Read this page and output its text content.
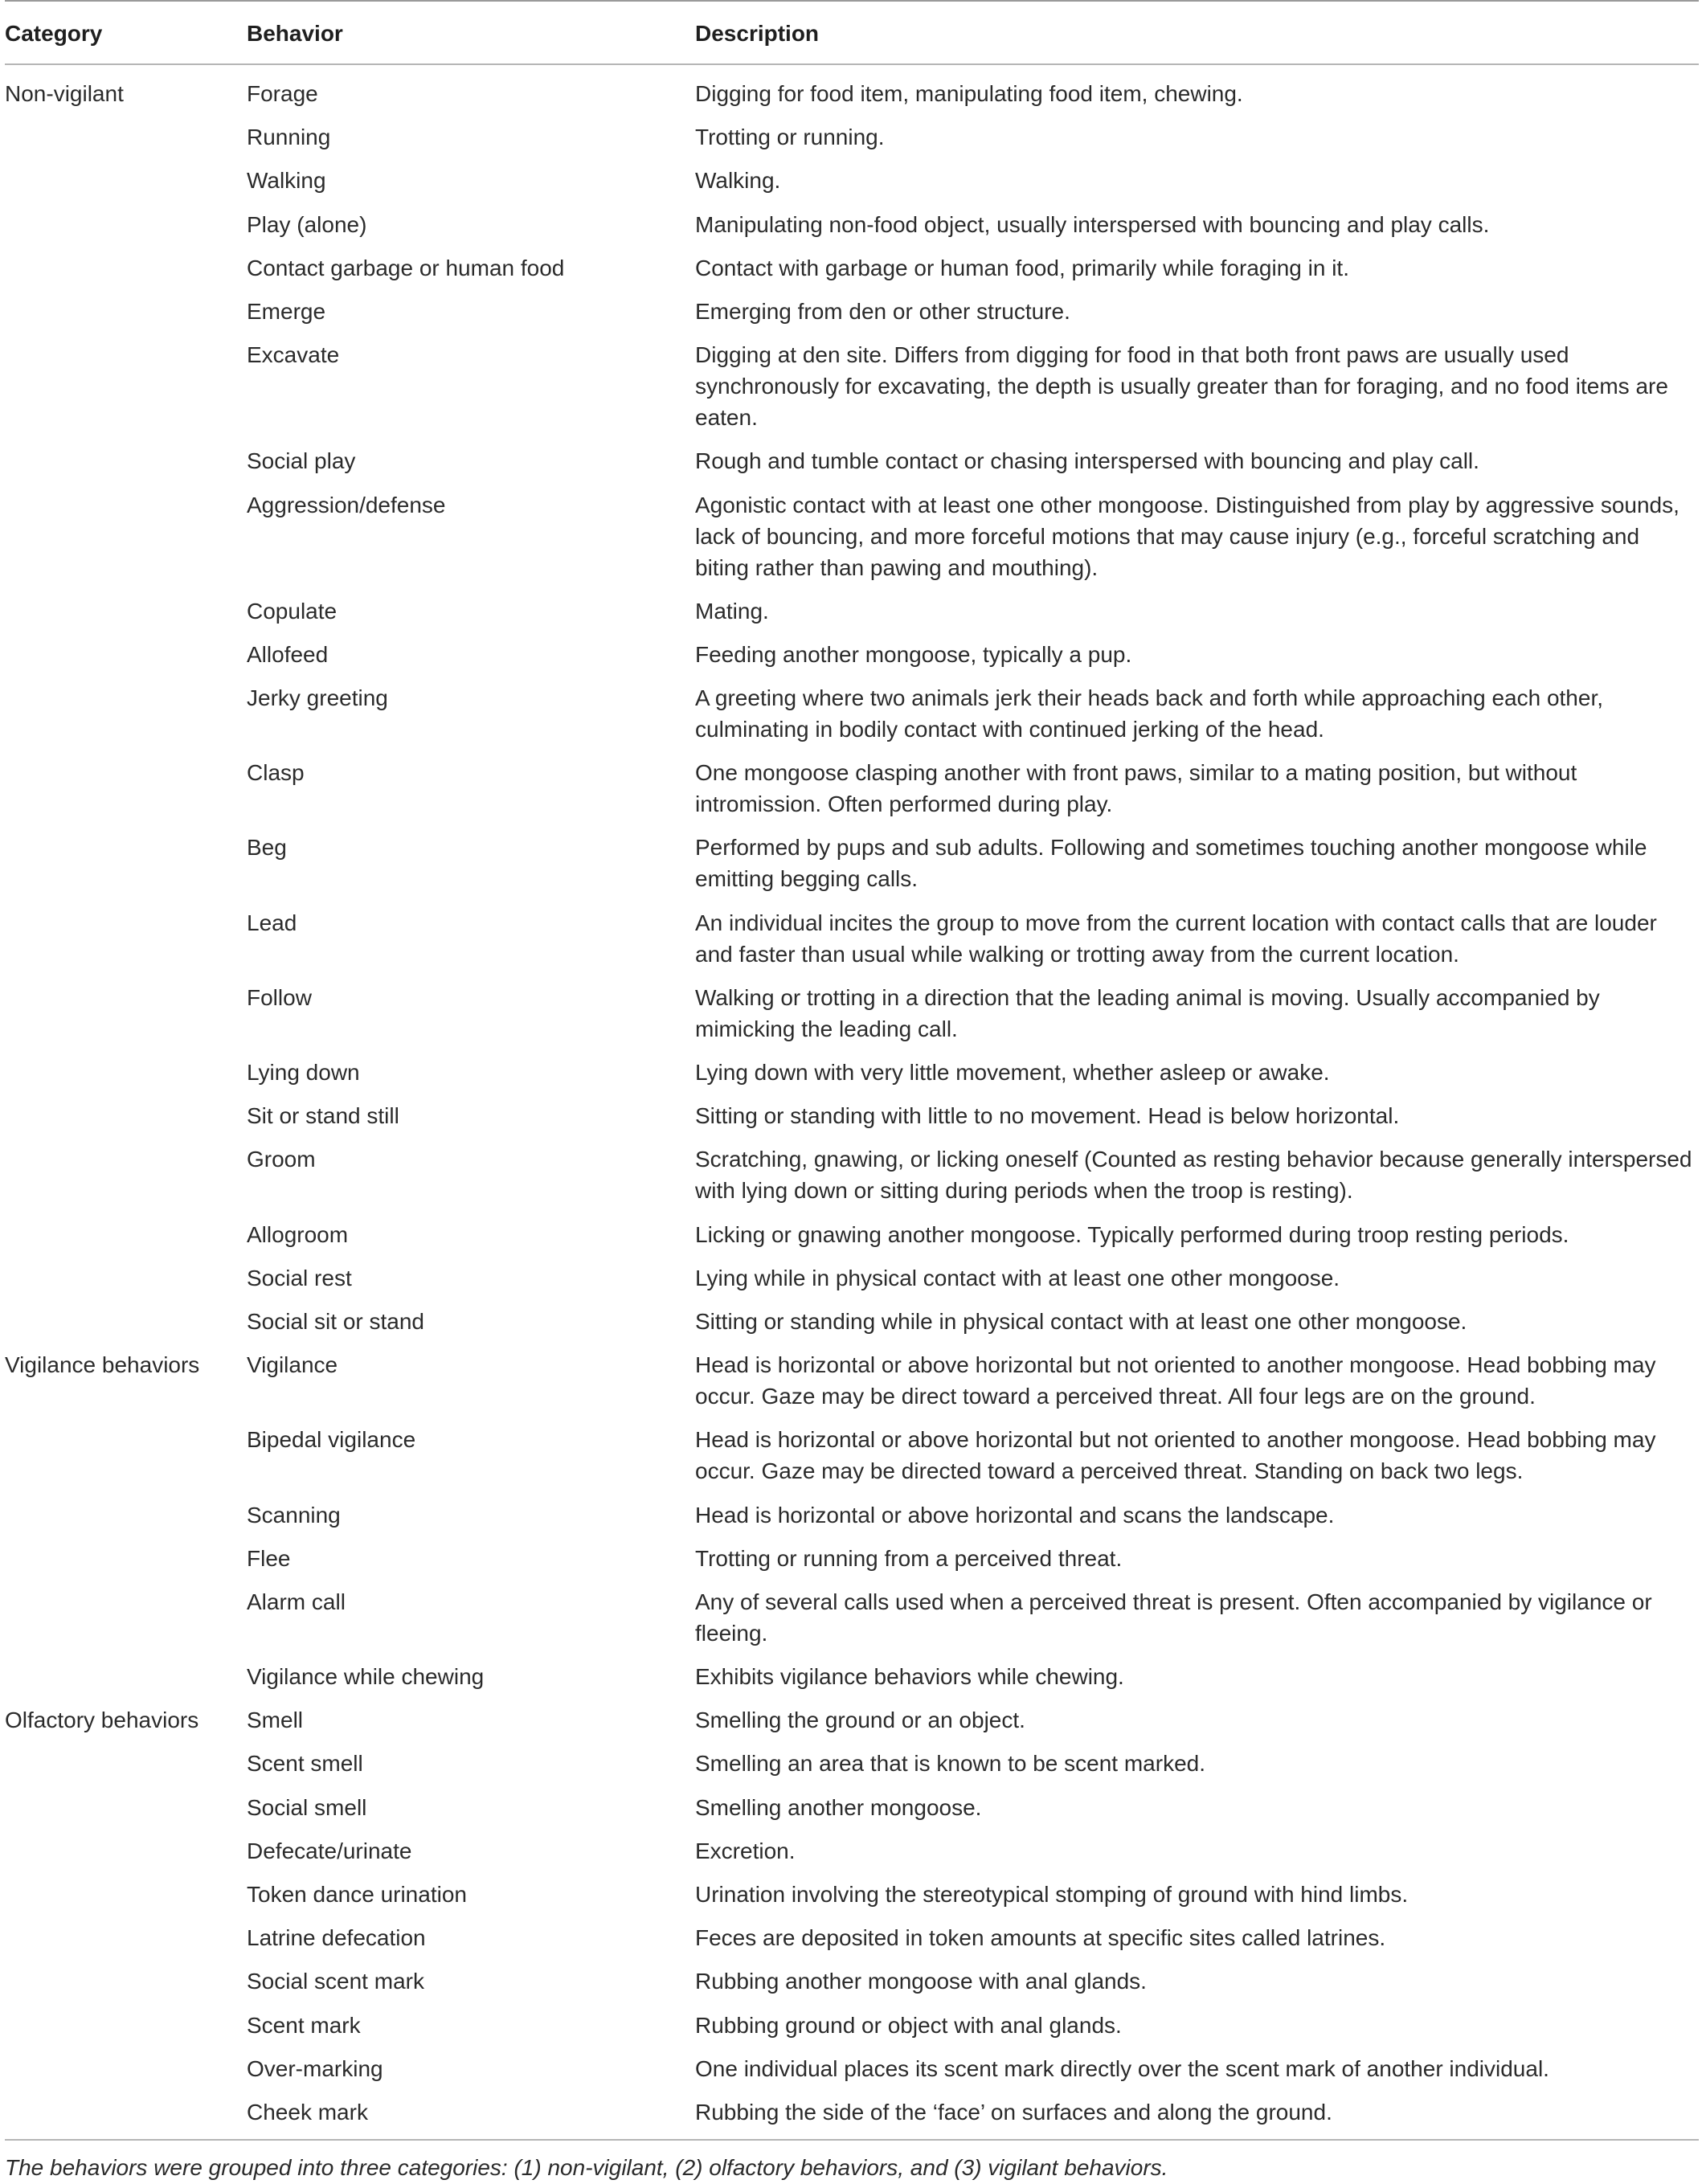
Category	Behavior	Description
Non-vigilant	Forage	Digging for food item, manipulating food item, chewing.
	Running	Trotting or running.
	Walking	Walking.
	Play (alone)	Manipulating non-food object, usually interspersed with bouncing and play calls.
	Contact garbage or human food	Contact with garbage or human food, primarily while foraging in it.
	Emerge	Emerging from den or other structure.
	Excavate	Digging at den site. Differs from digging for food in that both front paws are usually used synchronously for excavating, the depth is usually greater than for foraging, and no food items are eaten.
	Social play	Rough and tumble contact or chasing interspersed with bouncing and play call.
	Aggression/defense	Agonistic contact with at least one other mongoose. Distinguished from play by aggressive sounds, lack of bouncing, and more forceful motions that may cause injury (e.g., forceful scratching and biting rather than pawing and mouthing).
	Copulate	Mating.
	Allofeed	Feeding another mongoose, typically a pup.
	Jerky greeting	A greeting where two animals jerk their heads back and forth while approaching each other, culminating in bodily contact with continued jerking of the head.
	Clasp	One mongoose clasping another with front paws, similar to a mating position, but without intromission. Often performed during play.
	Beg	Performed by pups and sub adults. Following and sometimes touching another mongoose while emitting begging calls.
	Lead	An individual incites the group to move from the current location with contact calls that are louder and faster than usual while walking or trotting away from the current location.
	Follow	Walking or trotting in a direction that the leading animal is moving. Usually accompanied by mimicking the leading call.
	Lying down	Lying down with very little movement, whether asleep or awake.
	Sit or stand still	Sitting or standing with little to no movement. Head is below horizontal.
	Groom	Scratching, gnawing, or licking oneself (Counted as resting behavior because generally interspersed with lying down or sitting during periods when the troop is resting).
	Allogroom	Licking or gnawing another mongoose. Typically performed during troop resting periods.
	Social rest	Lying while in physical contact with at least one other mongoose.
	Social sit or stand	Sitting or standing while in physical contact with at least one other mongoose.
Vigilance behaviors	Vigilance	Head is horizontal or above horizontal but not oriented to another mongoose. Head bobbing may occur. Gaze may be direct toward a perceived threat. All four legs are on the ground.
	Bipedal vigilance	Head is horizontal or above horizontal but not oriented to another mongoose. Head bobbing may occur. Gaze may be directed toward a perceived threat. Standing on back two legs.
	Scanning	Head is horizontal or above horizontal and scans the landscape.
	Flee	Trotting or running from a perceived threat.
	Alarm call	Any of several calls used when a perceived threat is present. Often accompanied by vigilance or fleeing.
	Vigilance while chewing	Exhibits vigilance behaviors while chewing.
Olfactory behaviors	Smell	Smelling the ground or an object.
	Scent smell	Smelling an area that is known to be scent marked.
	Social smell	Smelling another mongoose.
	Defecate/urinate	Excretion.
	Token dance urination	Urination involving the stereotypical stomping of ground with hind limbs.
	Latrine defecation	Feces are deposited in token amounts at specific sites called latrines.
	Social scent mark	Rubbing another mongoose with anal glands.
	Scent mark	Rubbing ground or object with anal glands.
	Over-marking	One individual places its scent mark directly over the scent mark of another individual.
	Cheek mark	Rubbing the side of the ‘face’ on surfaces and along the ground.
The behaviors were grouped into three categories: (1) non-vigilant, (2) olfactory behaviors, and (3) vigilant behaviors.
